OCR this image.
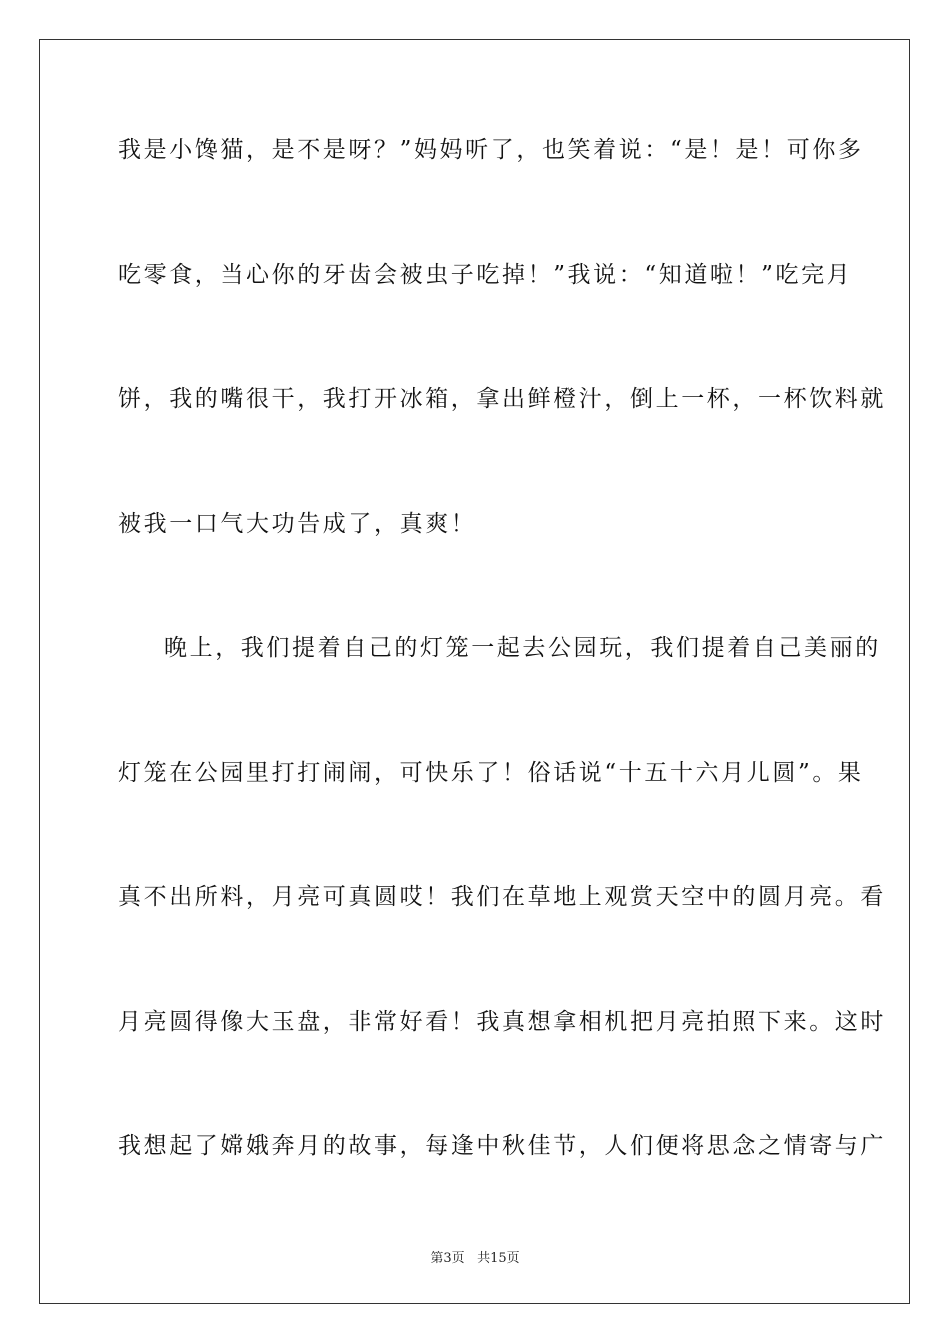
我是小馋猫，是不是呀？”妈妈听了，也笑着说：“是！是！可你多
吃零食，当心你的牙齿会被虫子吃掉！”我说：“知道啦！”吃完月
饼，我的嘴很干，我打开冰箱，拿出鲜橙汁，倒上一杯，一杯饮料就
被我一口气大功告成了，真爽！
晚上，我们提着自己的灯笼一起去公园玩，我们提着自己美丽的
灯笼在公园里打打闹闹，可快乐了！俗话说“十五十六月儿圆”。果
真不出所料，月亮可真圆哎！我们在草地上观赏天空中的圆月亮。看
月亮圆得像大玉盘，非常好看！我真想拿相机把月亮拍照下来。这时
我想起了嫦娥奔月的故事，每逢中秋佳节，人们便将思念之情寄与广
第3页 共15页
